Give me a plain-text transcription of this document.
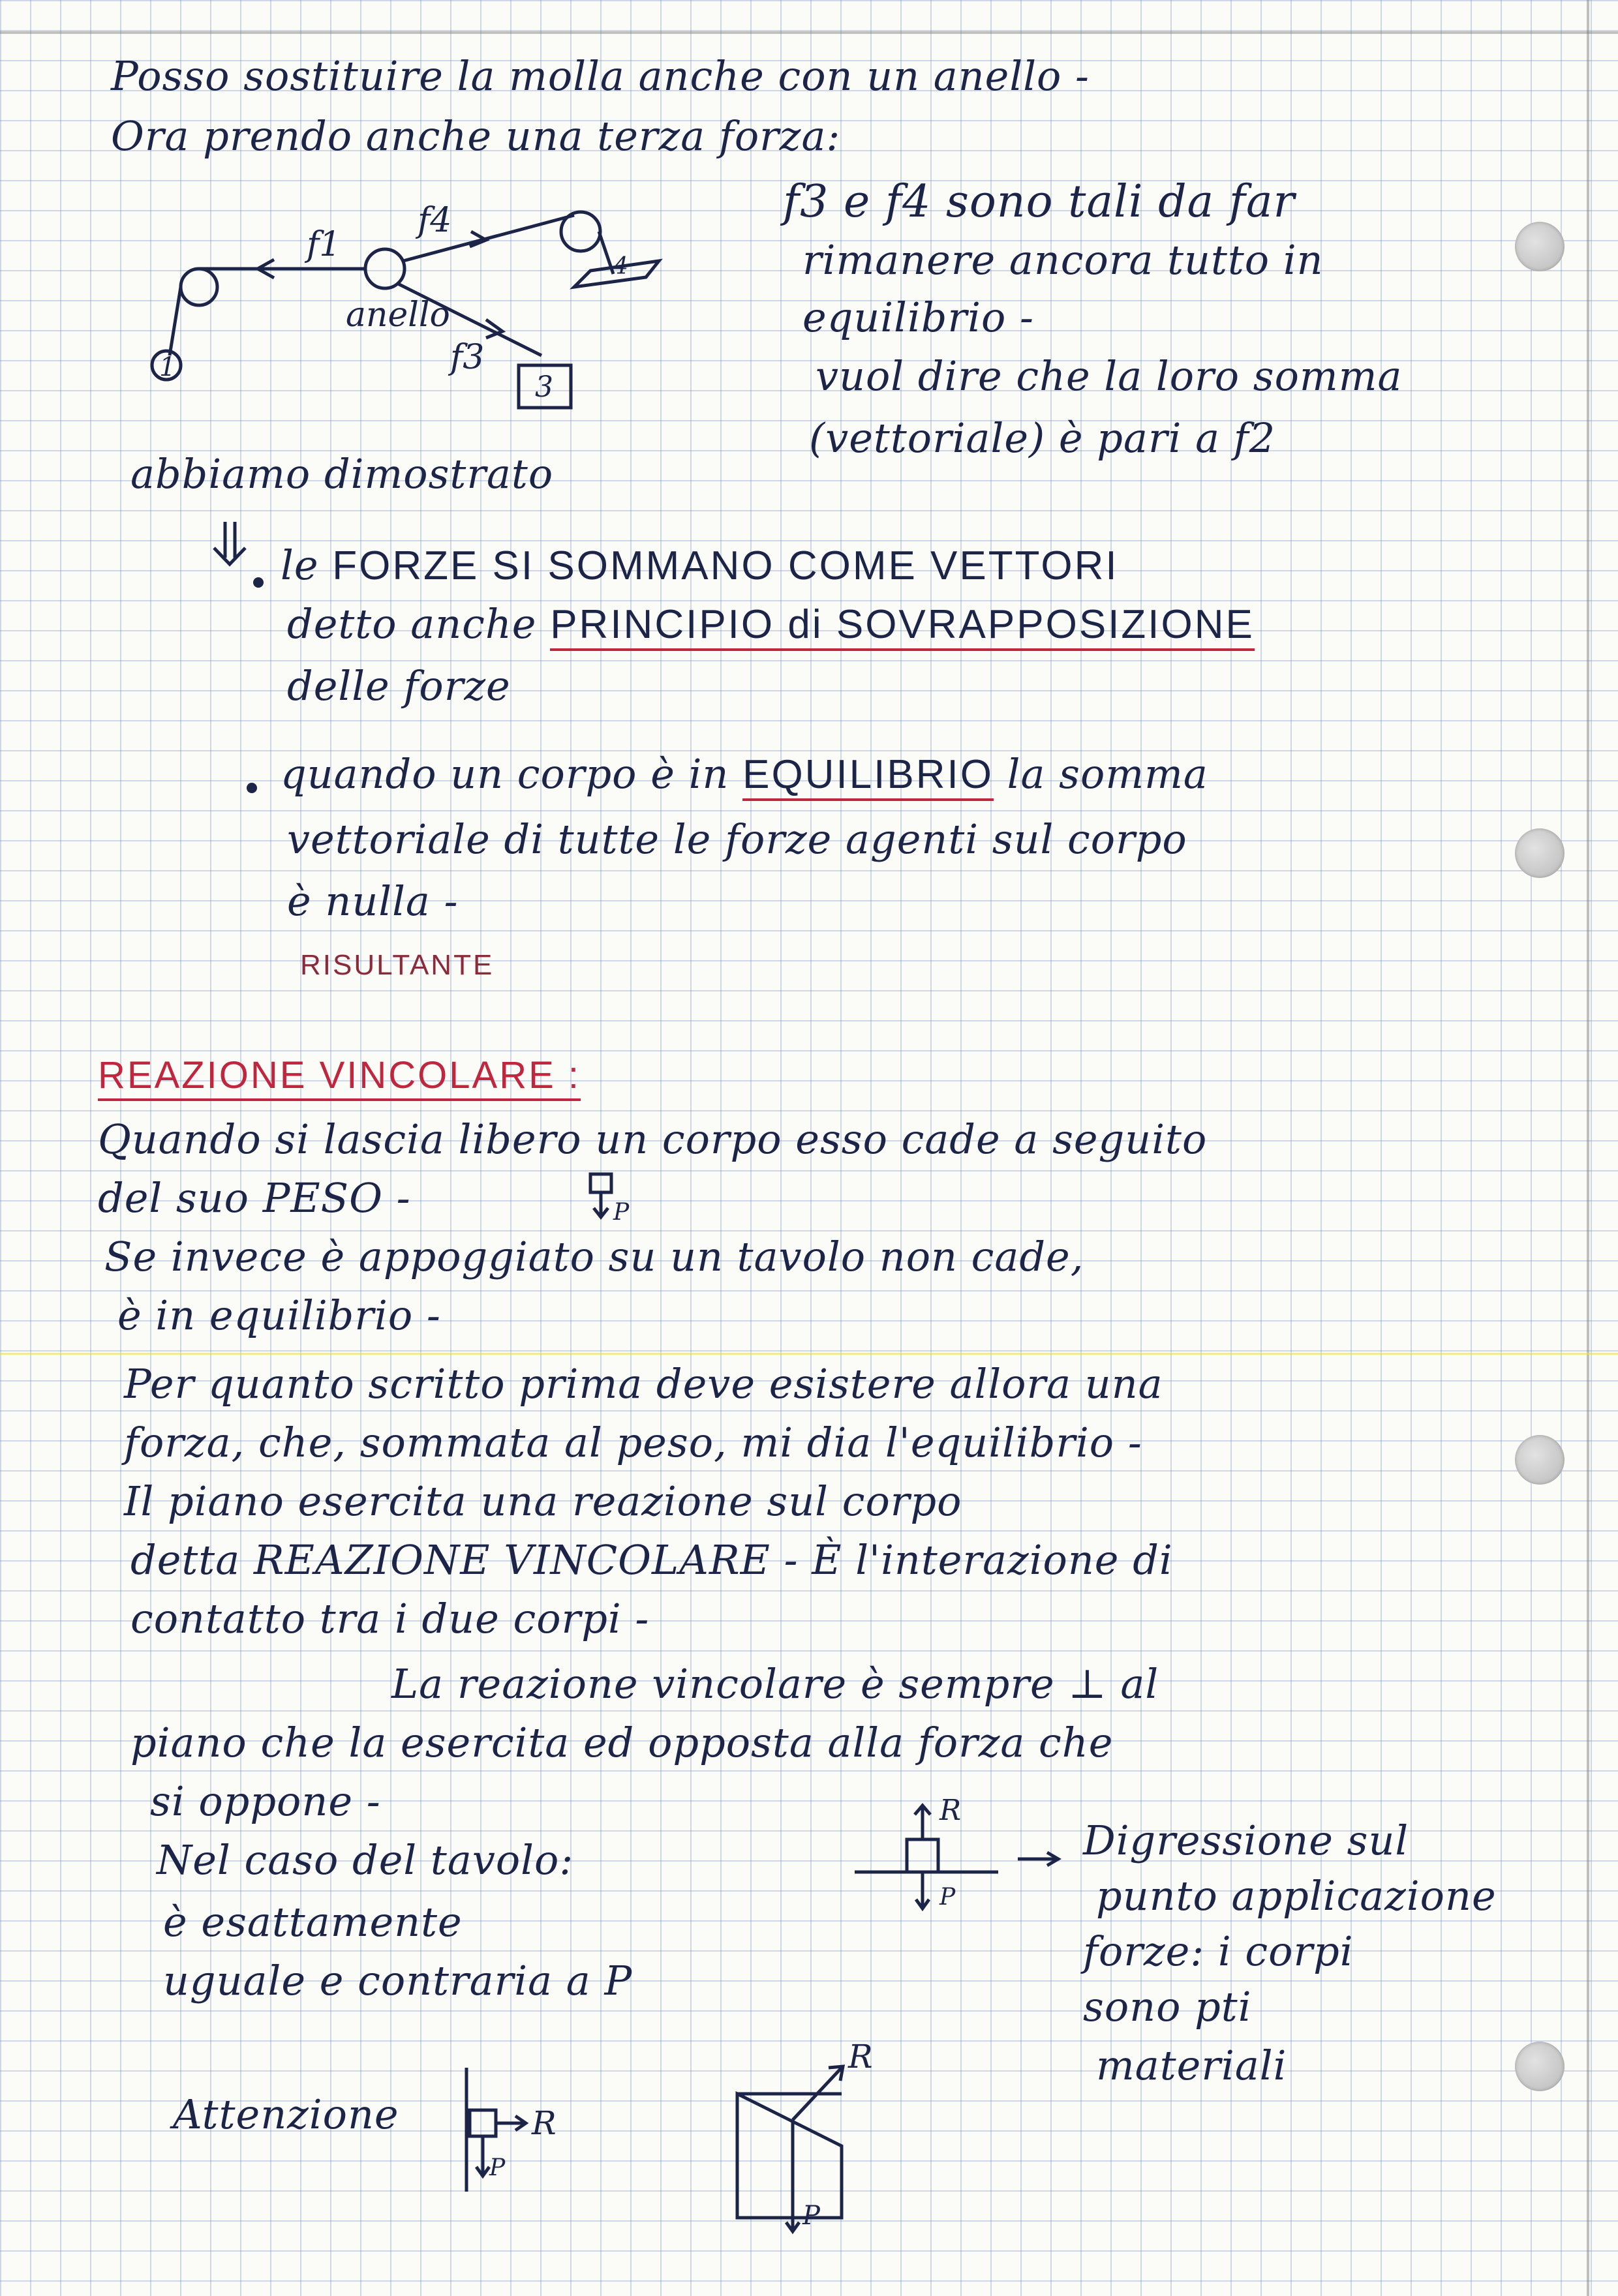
Posso sostituire la molla anche con un anello -
Ora prendo anche una terza forza:
f3 e f4 sono tali da far
rimanere ancora tutto in
equilibrio -
vuol dire che la loro somma
(vettoriale) è pari a f2
f1
f4
anello
f3
1
3
4
P
R
P
R
P
R
P
abbiamo dimostrato
le FORZE SI SOMMANO COME VETTORI
detto anche PRINCIPIO di SOVRAPPOSIZIONE
delle forze
quando un corpo è in EQUILIBRIO la somma
vettoriale di tutte le forze agenti sul corpo
è nulla -
RISULTANTE
REAZIONE VINCOLARE :
Quando si lascia libero un corpo esso cade a seguito
del suo PESO -
Se invece è appoggiato su un tavolo non cade,
è in equilibrio -
Per quanto scritto prima deve esistere allora una
forza, che, sommata al peso, mi dia l'equilibrio -
Il piano esercita una reazione sul corpo
detta REAZIONE VINCOLARE - È l'interazione di
contatto tra i due corpi -
La reazione vincolare è sempre ⊥ al
piano che la esercita ed opposta alla forza che
si oppone -
Nel caso del tavolo:
è esattamente
uguale e contraria a P
Attenzione
Digressione sul
punto applicazione
forze: i corpi
sono pti
materiali
